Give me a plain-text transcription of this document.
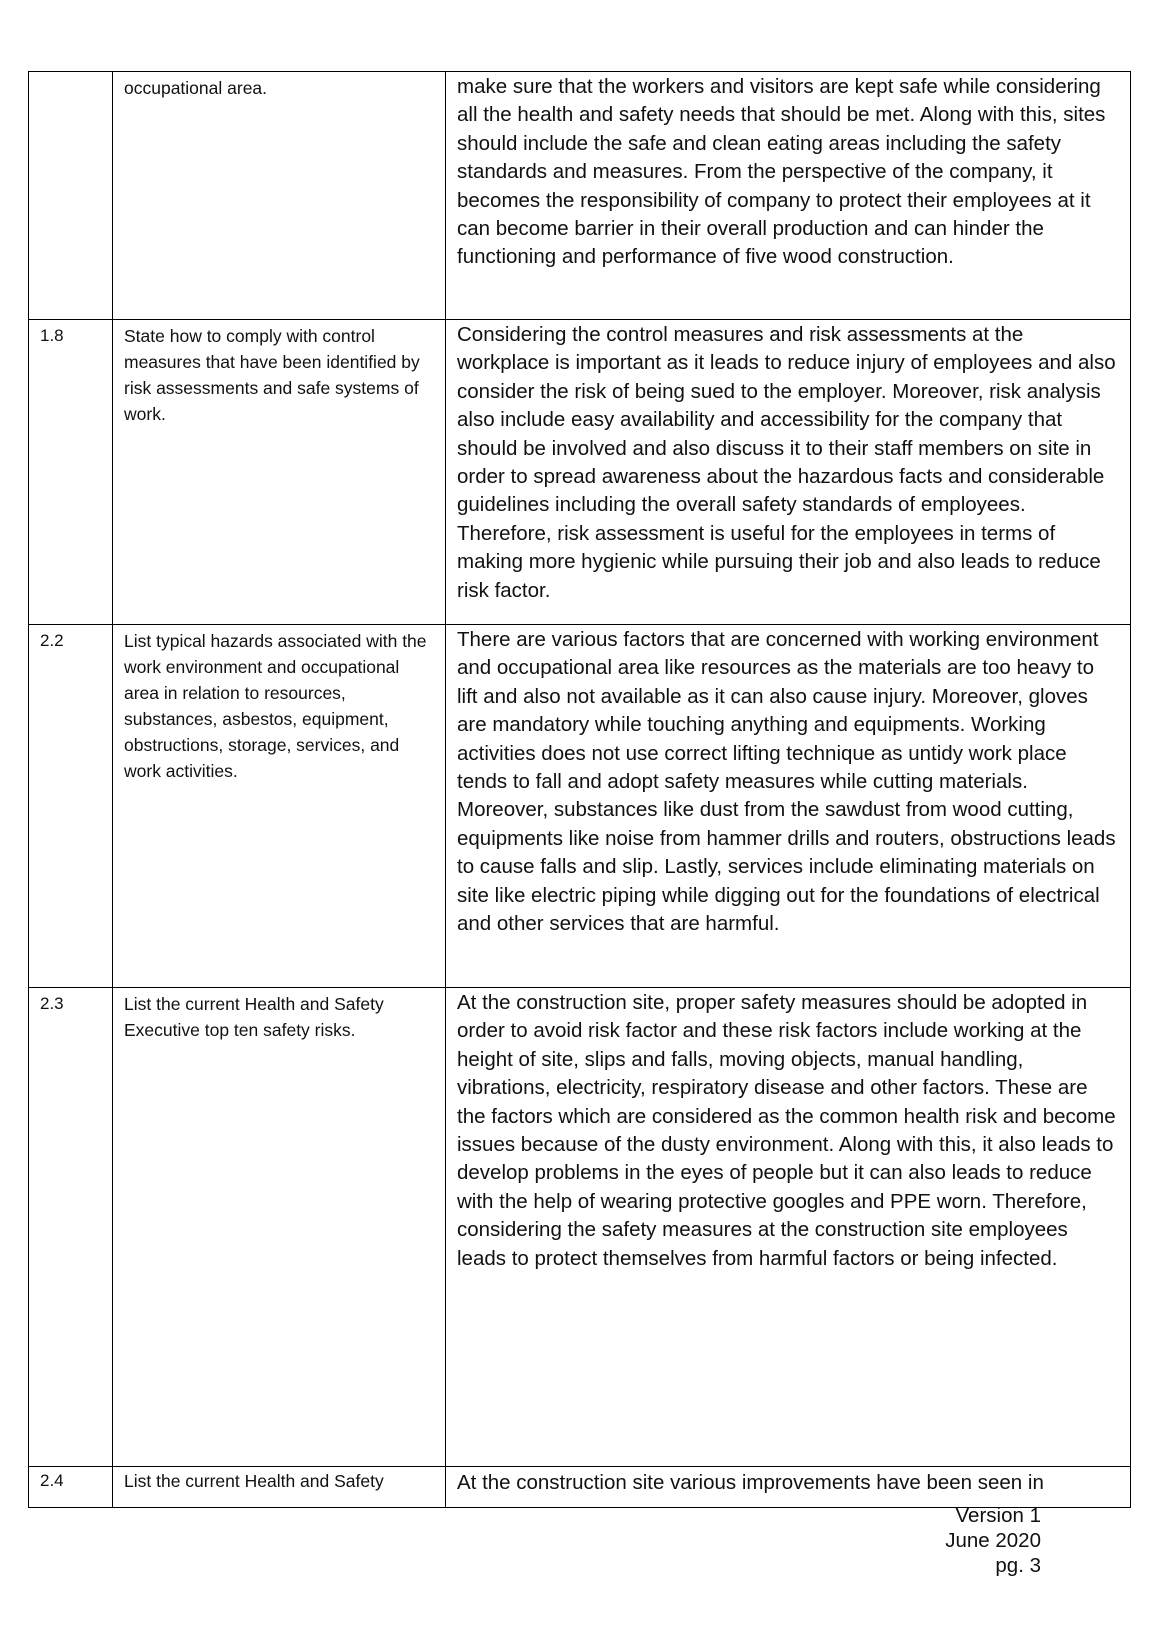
	occupational area.	make sure that the workers and visitors are kept safe while considering all the health and safety needs that should be met. Along with this, sites should include the safe and clean eating areas including the safety standards and measures. From the perspective of the company, it becomes the responsibility of company to protect their employees at it can become barrier in their overall production and can hinder the functioning and performance of five wood construction.

1.8	State how to comply with control measures that have been identified by risk assessments and safe systems of work.	Considering the control measures and risk assessments at the workplace is important as it leads to reduce injury of employees and also consider the risk of being sued to the employer. Moreover, risk analysis also include easy availability and accessibility for the company that should be involved and also discuss it to their staff members on site in order to spread awareness about the hazardous facts and considerable guidelines including the overall safety standards of employees. Therefore, risk assessment is useful for the employees in terms of making more hygienic while pursuing their job and also leads to reduce risk factor.

2.2	List typical hazards associated with the work environment and occupational area in relation to resources, substances, asbestos, equipment, obstructions, storage, services, and work activities.	There are various factors that are concerned with working environment and occupational area like resources as the materials are too heavy to lift and also not available as it can also cause injury. Moreover, gloves are mandatory while touching anything and equipments. Working activities does not use correct lifting technique as untidy work place tends to fall and adopt safety measures while cutting materials. Moreover, substances like dust from the sawdust from wood cutting, equipments like noise from hammer drills and routers, obstructions leads to cause falls and slip. Lastly, services include eliminating materials on site like electric piping while digging out for the foundations of electrical and other services that are harmful.

2.3	List the current Health and Safety Executive top ten safety risks.	At the construction site, proper safety measures should be adopted in order to avoid risk factor and these risk factors include working at the height of site, slips and falls, moving objects, manual handling, vibrations, electricity, respiratory disease and other factors. These are the factors which are considered as the common health risk and become issues because of the dusty environment. Along with this, it also leads to develop problems in the eyes of people but it can also leads to reduce with the help of wearing protective googles and PPE worn. Therefore, considering the safety measures at the construction site employees leads to protect themselves from harmful factors or being infected.

2.4	List the current Health and Safety	At the construction site various improvements have been seen in
Version 1
June 2020
pg. 3
